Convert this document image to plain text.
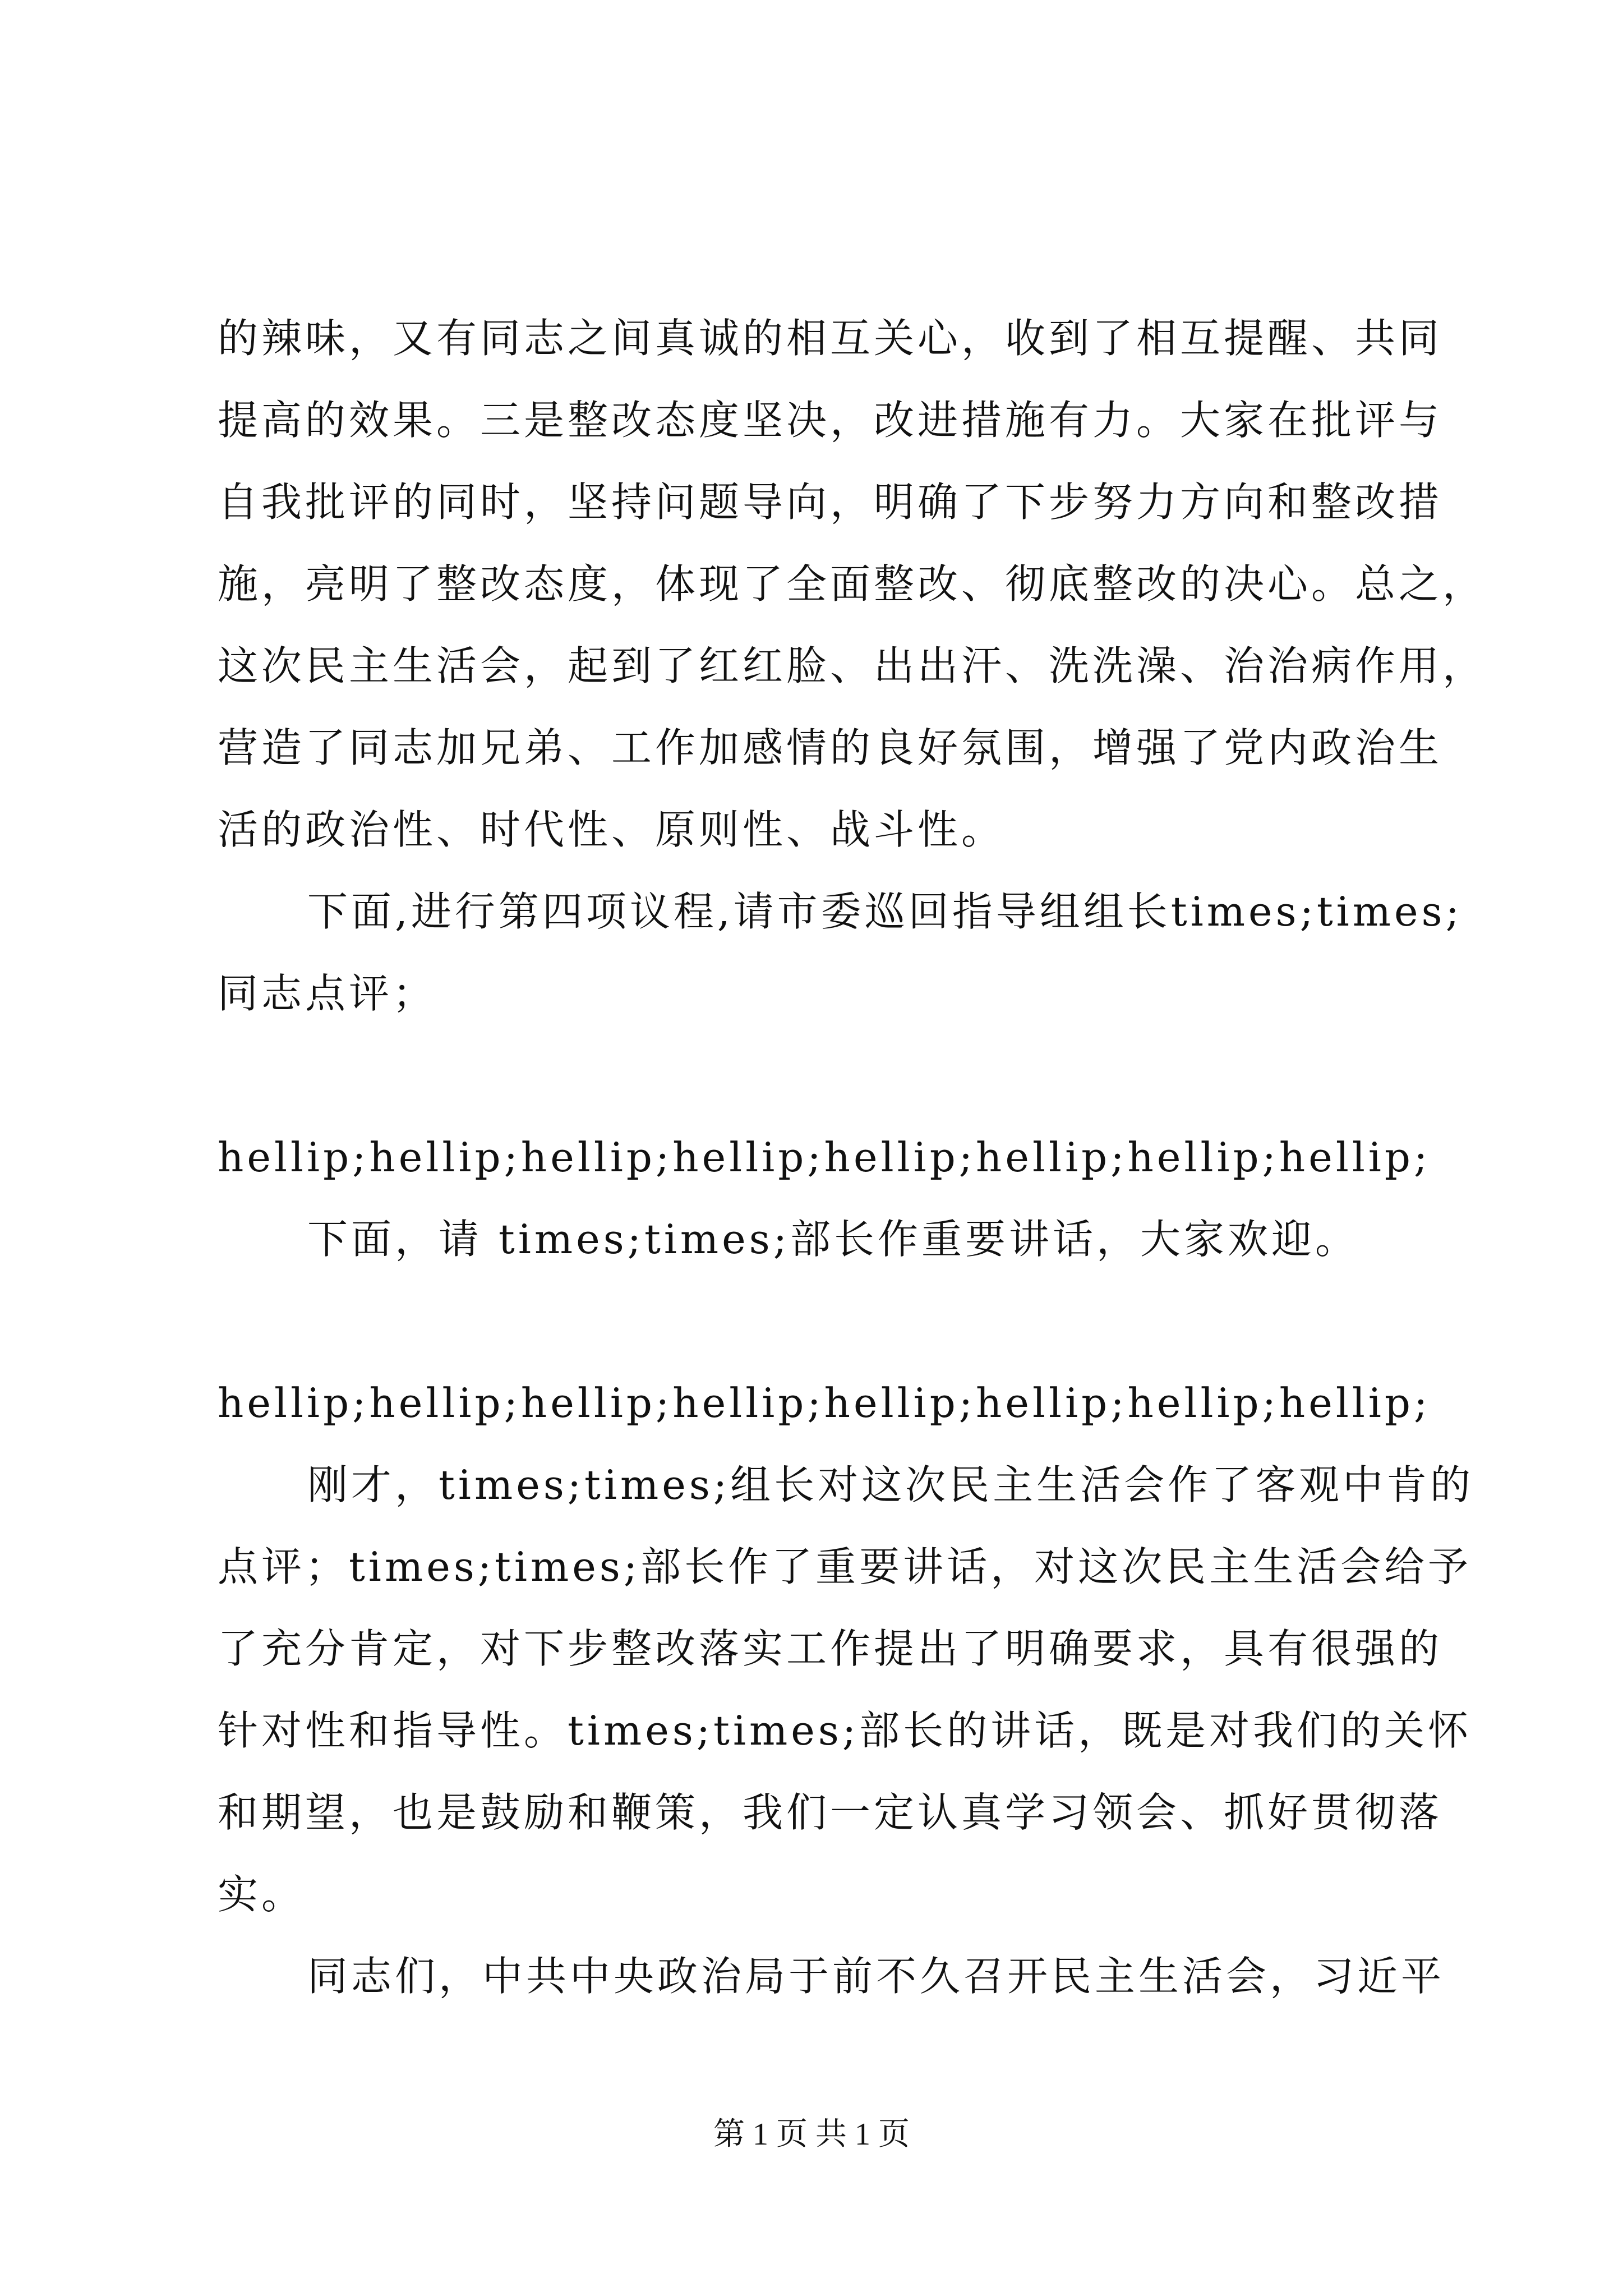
的辣味，又有同志之间真诚的相互关心，收到了相互提醒、共同
提高的效果。三是整改态度坚决，改进措施有力。大家在批评与
自我批评的同时，坚持问题导向，明确了下步努力方向和整改措
施，亮明了整改态度，体现了全面整改、彻底整改的决心。总之，
这次民主生活会，起到了红红脸、出出汗、洗洗澡、治治病作用，
营造了同志加兄弟、工作加感情的良好氛围，增强了党内政治生
活的政治性、时代性、原则性、战斗性。
下面,进行第四项议程,请市委巡回指导组组长times;times;
同志点评；
hellip;hellip;hellip;hellip;hellip;hellip;hellip;hellip;
下面，请 times;times;部长作重要讲话，大家欢迎。
hellip;hellip;hellip;hellip;hellip;hellip;hellip;hellip;
刚才，times;times;组长对这次民主生活会作了客观中肯的
点评；times;times;部长作了重要讲话，对这次民主生活会给予
了充分肯定，对下步整改落实工作提出了明确要求，具有很强的
针对性和指导性。times;times;部长的讲话，既是对我们的关怀
和期望，也是鼓励和鞭策，我们一定认真学习领会、抓好贯彻落
实。
同志们，中共中央政治局于前不久召开民主生活会，习近平
第 1 页 共 1 页
